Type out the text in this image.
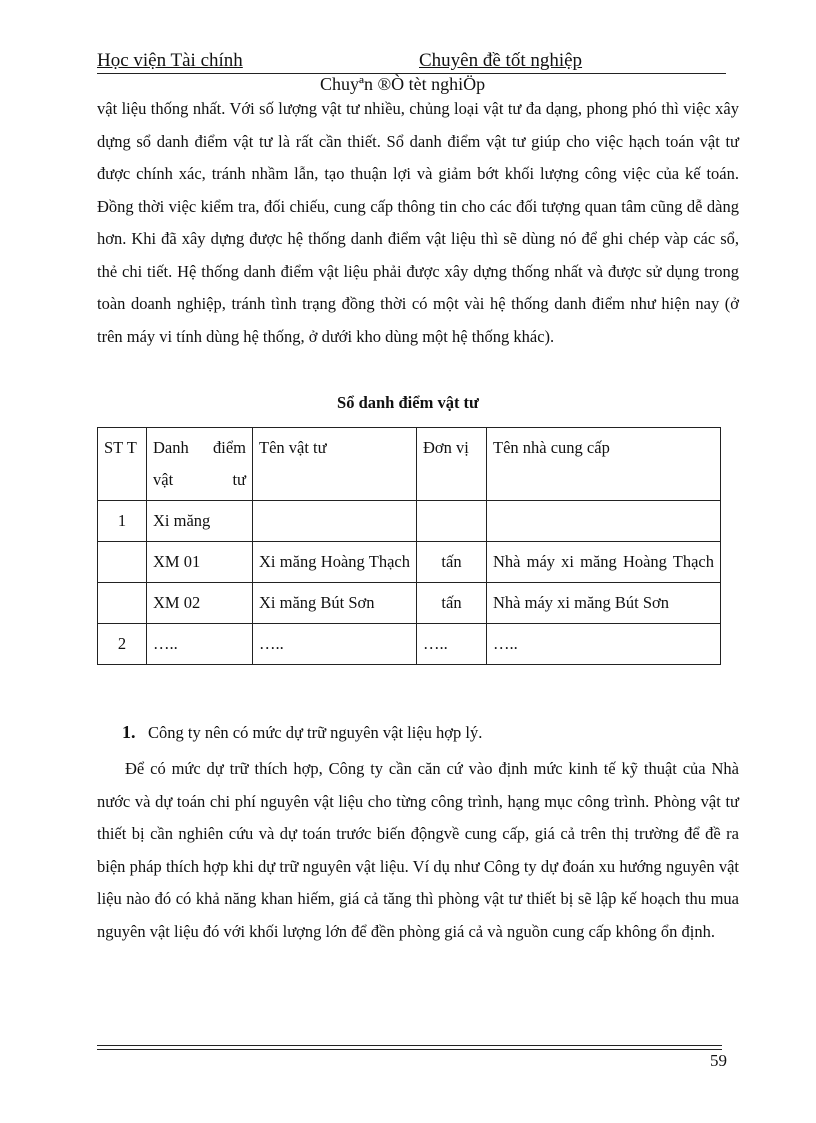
Học viện Tài chính	Chuyên đề tốt nghiệp
Chuyªn ®Ò tèt nghiÖp

vật liệu thống nhất. Với số lượng vật tư nhiều, chủng loại vật tư đa dạng, phong phó thì việc xây dựng sổ danh điểm vật tư là rất cần thiết. Sổ danh điểm vật tư giúp cho việc hạch toán vật tư được chính xác, tránh nhầm lẫn, tạo thuận lợi và giảm bớt khối lượng công việc của kế toán. Đồng thời việc kiểm tra, đối chiếu, cung cấp thông tin cho các đối tượng quan tâm cũng dễ dàng hơn. Khi đã xây dựng được hệ thống danh điểm vật liệu thì sẽ dùng nó để ghi chép vàp các sổ, thẻ chi tiết. Hệ thống danh điểm vật liệu phải được xây dựng thống nhất và được sử dụng trong toàn doanh nghiệp, tránh tình trạng đồng thời có một vài hệ thống danh điểm như hiện nay (ở trên máy vi tính dùng hệ thống, ở dưới kho dùng một hệ thống khác).

Sổ danh điểm vật tư
ST T	Danh điểm vật tư	Tên vật tư	Đơn vị	Tên nhà cung cấp
1	Xi măng			
	XM 01	Xi măng Hoàng Thạch	tấn	Nhà máy xi măng Hoàng Thạch
	XM 02	Xi măng Bút Sơn	tấn	Nhà máy xi măng Bút Sơn
2	…..	…..	…..	…..
1. Công ty nên có mức dự trữ nguyên vật liệu hợp lý.

Để có mức dự trữ thích hợp, Công ty cần căn cứ vào định mức kinh tế kỹ thuật của Nhà nước và dự toán chi phí nguyên vật liệu cho từng công trình, hạng mục công trình. Phòng vật tư thiết bị cần nghiên cứu và dự toán trước biến độngvề cung cấp, giá cả trên thị trường để đề ra biện pháp thích hợp khi dự trữ nguyên vật liệu. Ví dụ như Công ty dự đoán xu hướng nguyên vật liệu nào đó có khả năng khan hiếm, giá cả tăng thì phòng vật tư thiết bị sẽ lập kế hoạch thu mua nguyên vật liệu đó với khối lượng lớn để đền phòng giá cả và nguồn cung cấp không ổn định.

59
